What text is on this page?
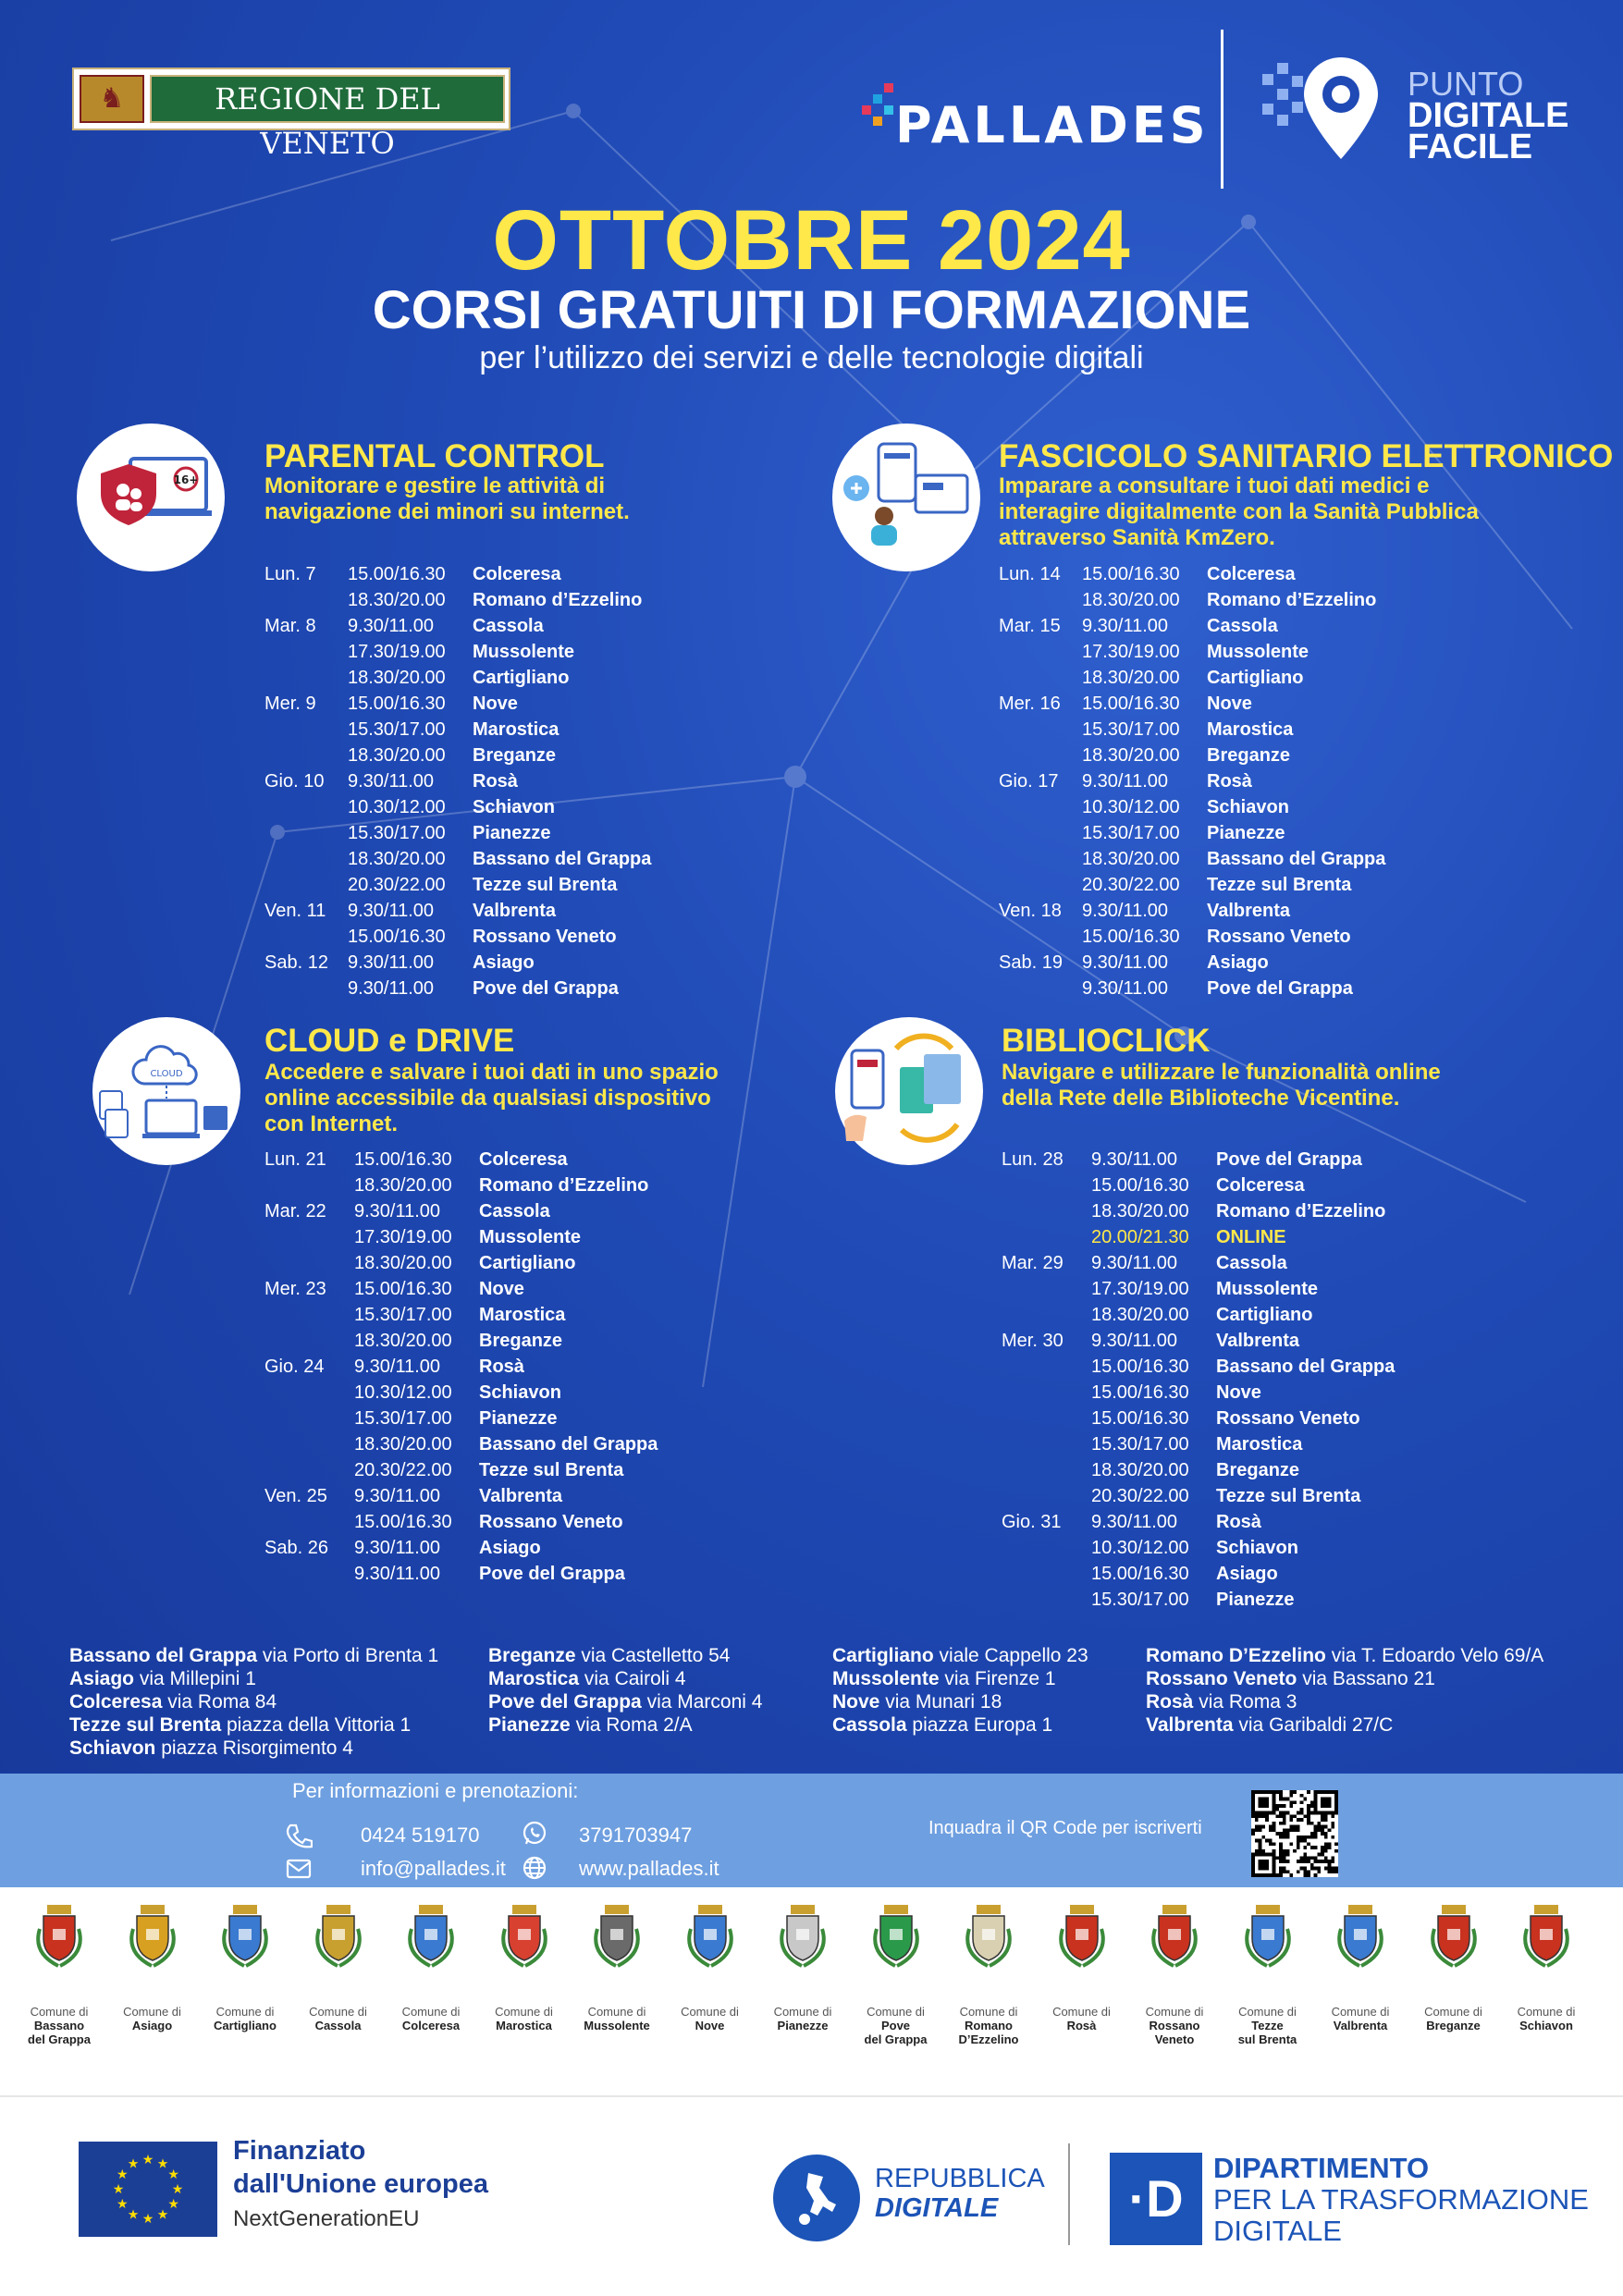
♞	REGIONE DEL VENETO	PALLADES
PUNTO
DIGITALE
FACILE
OTTOBRE 2024
CORSI GRATUITI DI FORMAZIONE
per l’utilizzo dei servizi e delle tecnologie digitali
16+
CLOUD
PARENTAL CONTROL
Monitorare e gestire le attività di
navigazione dei minori su internet.
FASCICOLO SANITARIO ELETTRONICO
Imparare a consultare i tuoi dati medici e
interagire digitalmente con la Sanità Pubblica
attraverso Sanità KmZero.
CLOUD e DRIVE
Accedere e salvare i tuoi dati in uno spazio
online accessibile da qualsiasi dispositivo
con Internet.
BIBLIOCLICK
Navigare e utilizzare le funzionalità online
della Rete delle Biblioteche Vicentine.
Lun. 7 15.00/16.30 Colceresa
18.30/20.00 Romano d’Ezzelino
Mar. 8 9.30/11.00 Cassola
17.30/19.00 Mussolente
18.30/20.00 Cartigliano
Mer. 9 15.00/16.30 Nove
15.30/17.00 Marostica
18.30/20.00 Breganze
Gio. 10 9.30/11.00 Rosà
10.30/12.00 Schiavon
15.30/17.00 Pianezze
18.30/20.00 Bassano del Grappa
20.30/22.00 Tezze sul Brenta
Ven. 11 9.30/11.00 Valbrenta
15.00/16.30 Rossano Veneto
Sab. 12 9.30/11.00 Asiago
9.30/11.00 Pove del Grappa
Lun. 14 15.00/16.30 Colceresa
18.30/20.00 Romano d’Ezzelino
Mar. 15 9.30/11.00 Cassola
17.30/19.00 Mussolente
18.30/20.00 Cartigliano
Mer. 16 15.00/16.30 Nove
15.30/17.00 Marostica
18.30/20.00 Breganze
Gio. 17 9.30/11.00 Rosà
10.30/12.00 Schiavon
15.30/17.00 Pianezze
18.30/20.00 Bassano del Grappa
20.30/22.00 Tezze sul Brenta
Ven. 18 9.30/11.00 Valbrenta
15.00/16.30 Rossano Veneto
Sab. 19 9.30/11.00 Asiago
9.30/11.00 Pove del Grappa
Lun. 21 15.00/16.30 Colceresa
18.30/20.00 Romano d’Ezzelino
Mar. 22 9.30/11.00 Cassola
17.30/19.00 Mussolente
18.30/20.00 Cartigliano
Mer. 23 15.00/16.30 Nove
15.30/17.00 Marostica
18.30/20.00 Breganze
Gio. 24 9.30/11.00 Rosà
10.30/12.00 Schiavon
15.30/17.00 Pianezze
18.30/20.00 Bassano del Grappa
20.30/22.00 Tezze sul Brenta
Ven. 25 9.30/11.00 Valbrenta
15.00/16.30 Rossano Veneto
Sab. 26 9.30/11.00 Asiago
9.30/11.00 Pove del Grappa
Lun. 28 9.30/11.00 Pove del Grappa
15.00/16.30 Colceresa
18.30/20.00 Romano d’Ezzelino
20.00/21.30 ONLINE
Mar. 29 9.30/11.00 Cassola
17.30/19.00 Mussolente
18.30/20.00 Cartigliano
Mer. 30 9.30/11.00 Valbrenta
15.00/16.30 Bassano del Grappa
15.00/16.30 Nove
15.00/16.30 Rossano Veneto
15.30/17.00 Marostica
18.30/20.00 Breganze
20.30/22.00 Tezze sul Brenta
Gio. 31 9.30/11.00 Rosà
10.30/12.00 Schiavon
15.00/16.30 Asiago
15.30/17.00 Pianezze
Bassano del Grappa via Porto di Brenta 1
Asiago via Millepini 1
Colceresa via Roma 84
Tezze sul Brenta piazza della Vittoria 1
Schiavon piazza Risorgimento 4
Breganze via Castelletto 54
Marostica via Cairoli 4
Pove del Grappa via Marconi 4
Pianezze via Roma 2/A
Cartigliano viale Cappello 23
Mussolente via Firenze 1
Nove via Munari 18
Cassola piazza Europa 1
Romano D’Ezzelino via T. Edoardo Velo 69/A
Rossano Veneto via Bassano 21
Rosà via Roma 3
Valbrenta via Garibaldi 27/C
Per informazioni e prenotazioni:
0424 519170	3791703947
info@pallades.it	www.pallades.it
Inquadra il QR Code per iscriverti
Comune di
Bassano
del Grappa
Comune di
Asiago
Comune di
Cartigliano
Comune di
Cassola
Comune di
Colceresa
Comune di
Marostica
Comune di
Mussolente
Comune di
Nove
Comune di
Pianezze
Comune di
Pove
del Grappa
Comune di
Romano
D’Ezzelino
Comune di
Rosà
Comune di
Rossano
Veneto
Comune di
Tezze
sul Brenta
Comune di
Valbrenta
Comune di
Breganze
Comune di
Schiavon
★
★
★
★
★
★
★
★
★ ★ ★
★
Finanziato
dall'Unione europea
NextGenerationEU
REPUBBLICA
DIGITALE	·D
DIPARTIMENTO
PER LA TRASFORMAZIONE
DIGITALE
